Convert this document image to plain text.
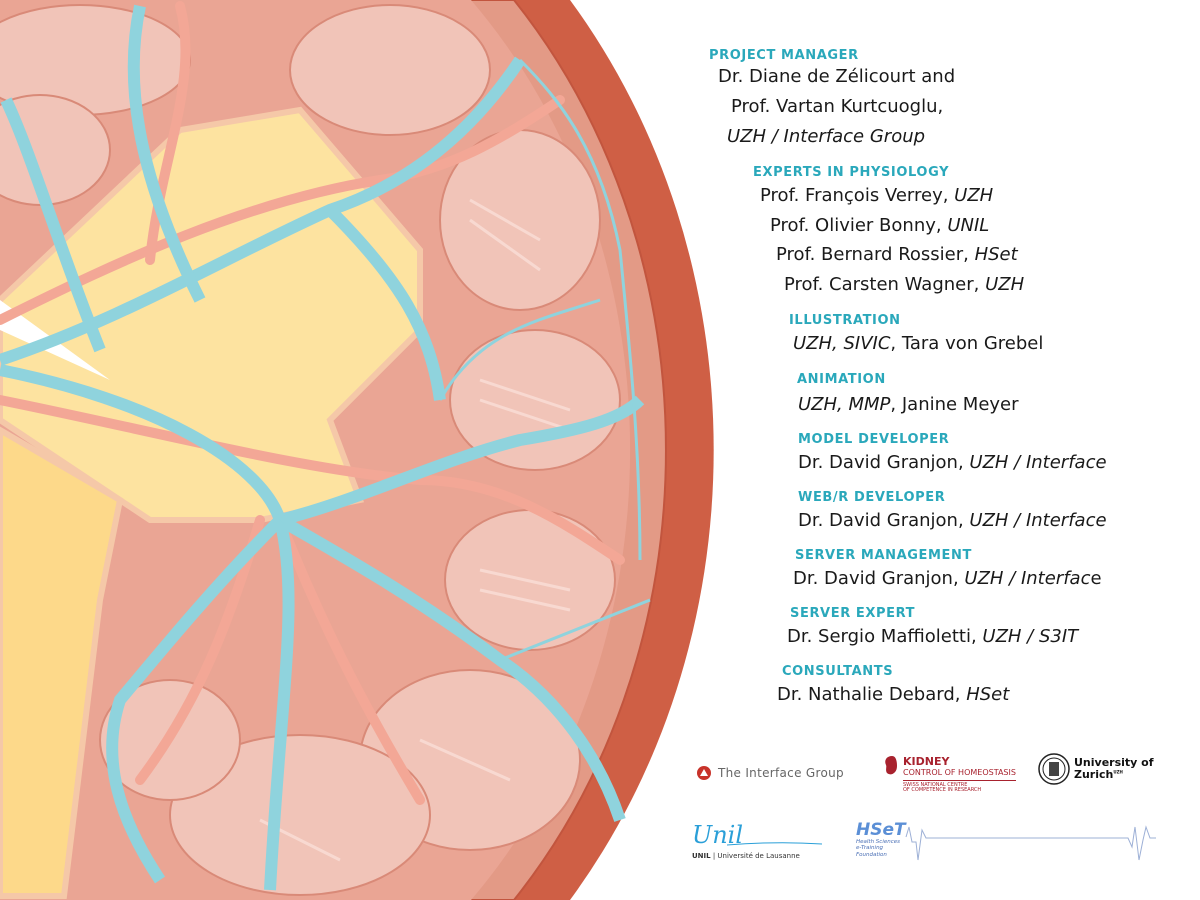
PROJECT MANAGER
Dr. Diane de Zélicourt and
Prof. Vartan Kurtcuoglu,
UZH / Interface Group
EXPERTS IN PHYSIOLOGY
Prof. François Verrey, UZH
Prof. Olivier Bonny, UNIL
Prof. Bernard Rossier, HSet
Prof. Carsten Wagner, UZH
ILLUSTRATION
UZH, SIVIC, Tara von Grebel
ANIMATION
UZH, MMP, Janine Meyer
MODEL DEVELOPER
Dr. David Granjon, UZH / Interface
WEB/R DEVELOPER
Dr. David Granjon, UZH / Interface
SERVER MANAGEMENT
Dr. David Granjon, UZH / Interface
SERVER EXPERT
Dr. Sergio Maffioletti, UZH / S3IT
CONSULTANTS
Dr. Nathalie Debard, HSet
The Interface Group
KIDNEY
CONTROL OF HOMEOSTASIS
SWISS NATIONAL CENTRE
OF COMPETENCE IN RESEARCH
University of
Zurich$^{UZH}$
Unil
UNIL | Université de Lausanne
HSeT
Health Sciences
e-Training
Foundation
